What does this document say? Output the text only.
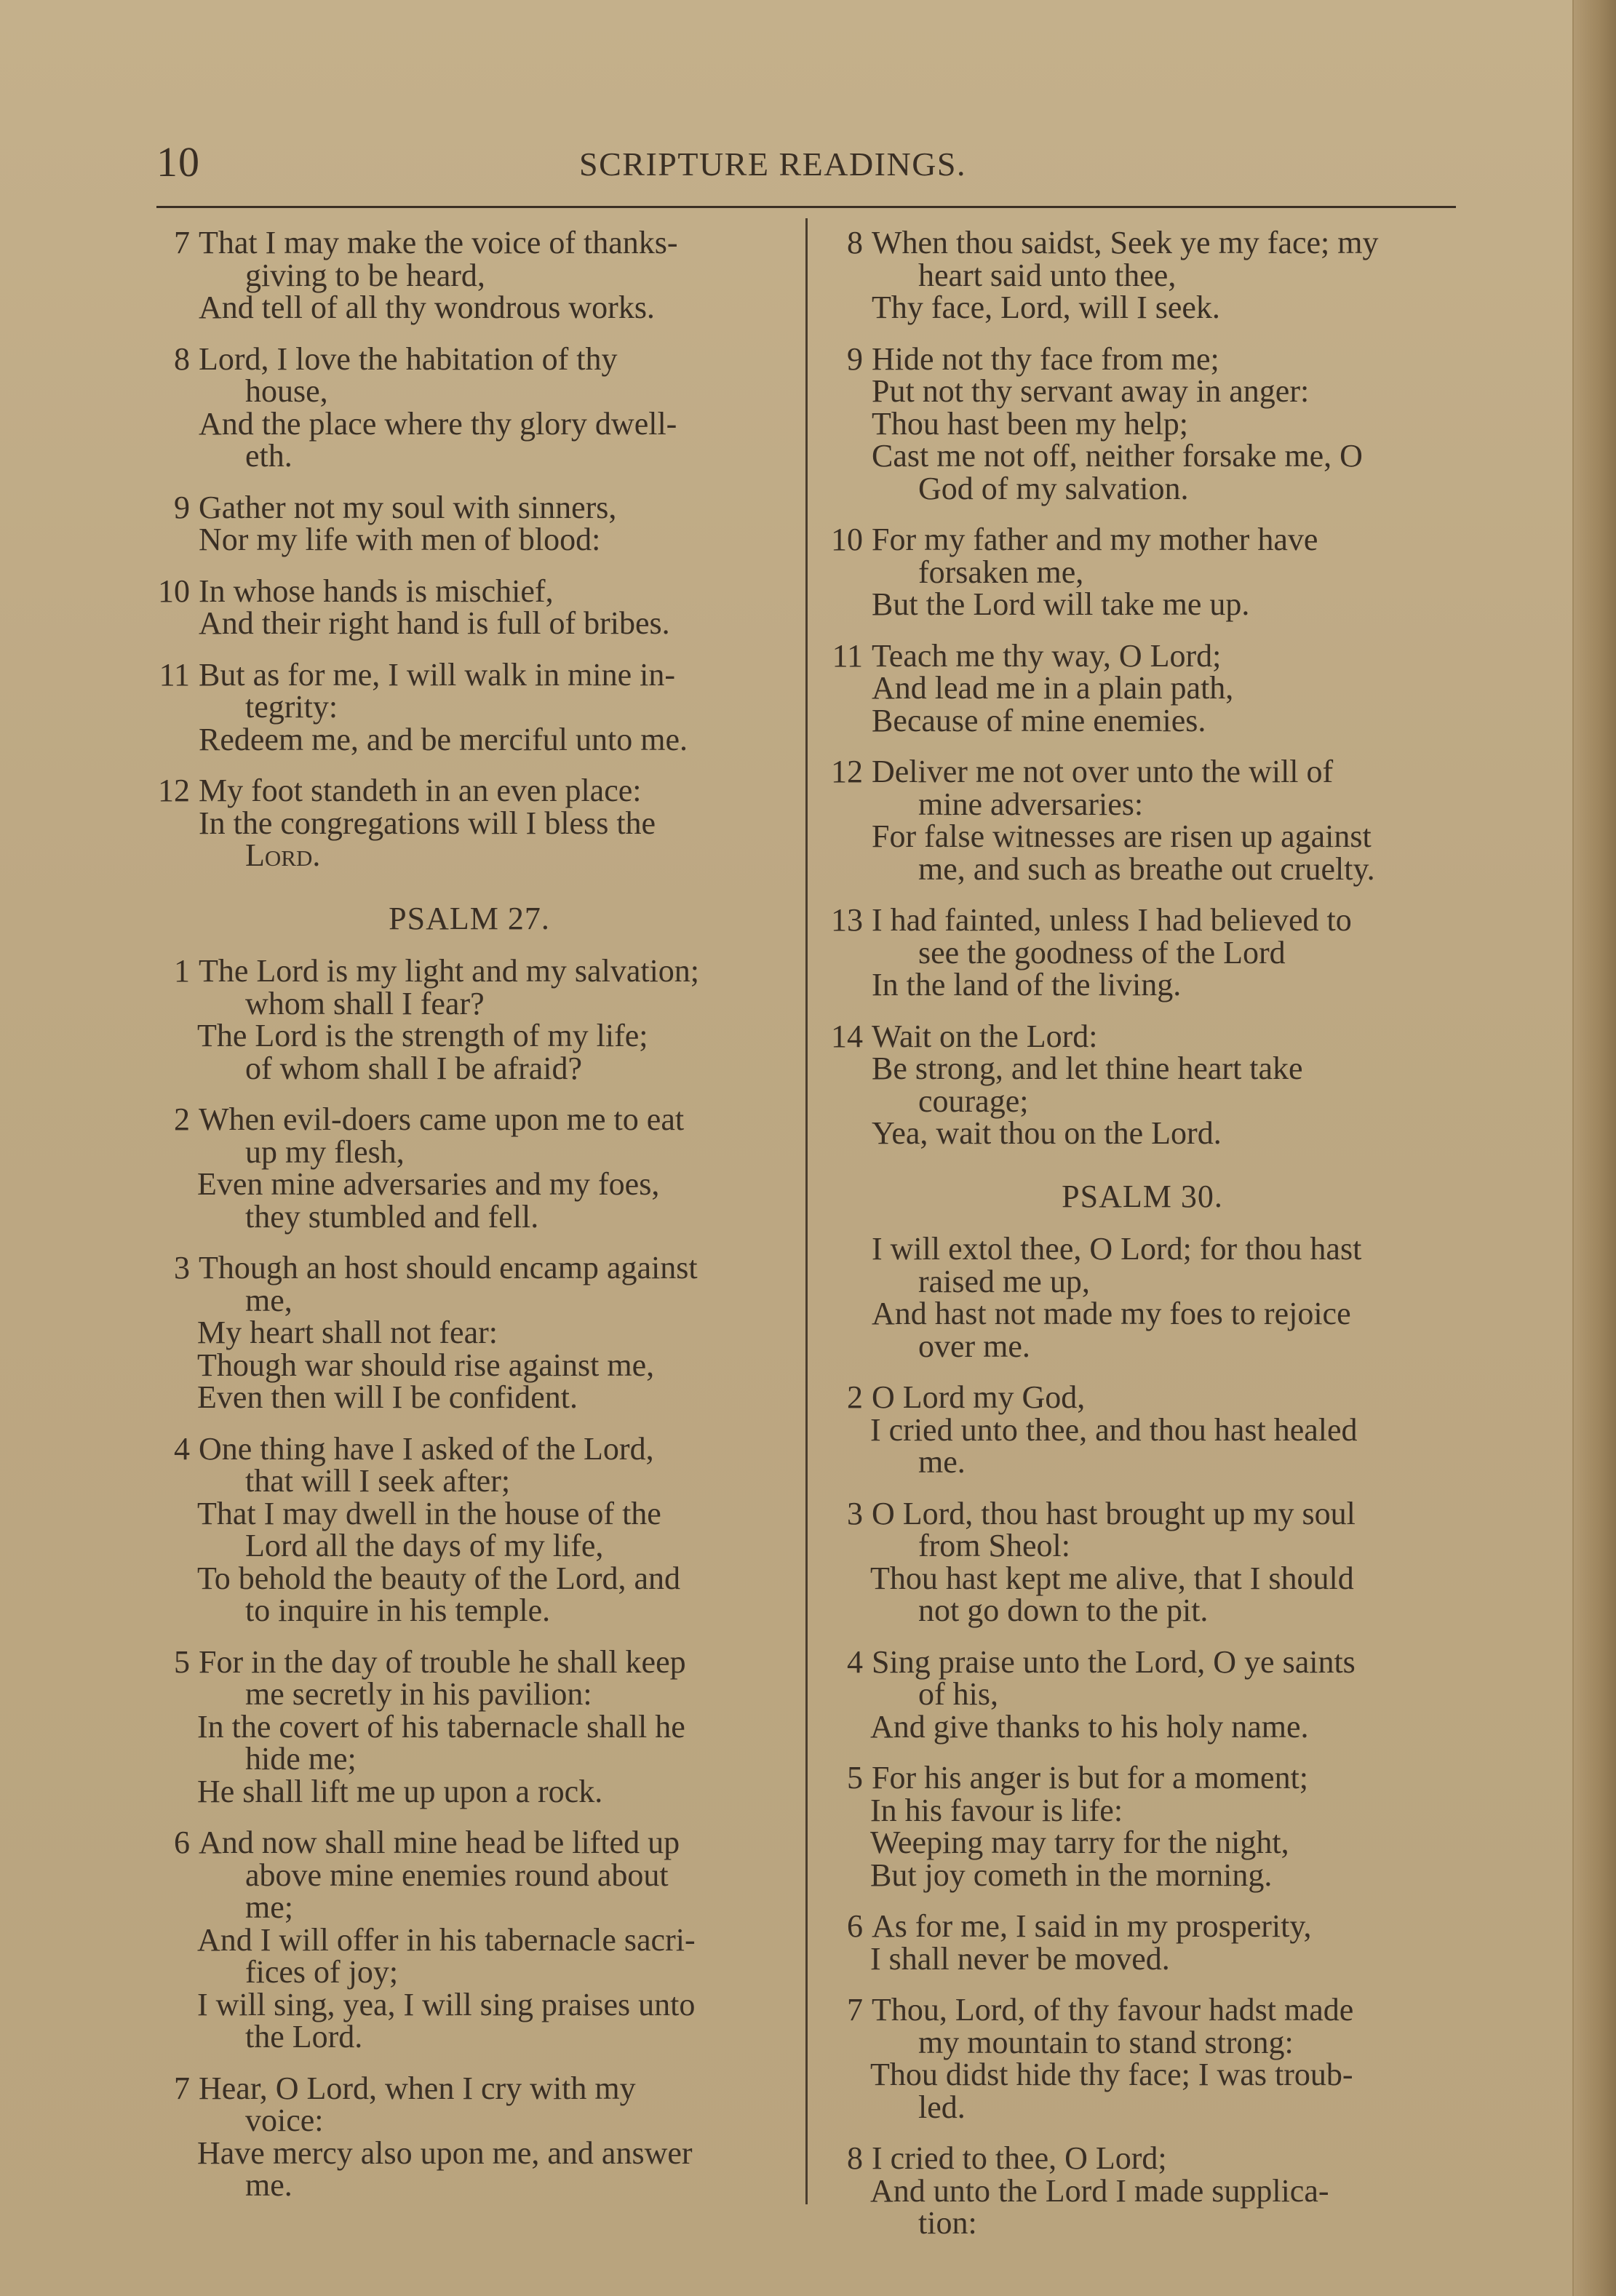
10	SCRIPTURE READINGS.
7 That I may make the voice of thanks-
giving to be heard,
And tell of all thy wondrous works.
8 Lord, I love the habitation of thy
house,
And the place where thy glory dwell-
eth.
9 Gather not my soul with sinners,
Nor my life with men of blood:
10 In whose hands is mischief,
And their right hand is full of bribes.
11 But as for me, I will walk in mine in-
tegrity:
Redeem me, and be merciful unto me.
12 My foot standeth in an even place:
In the congregations will I bless the
Lord.
PSALM 27.
1 The Lord is my light and my salvation;
whom shall I fear?
The Lord is the strength of my life;
of whom shall I be afraid?
2 When evil-doers came upon me to eat
up my flesh,
Even mine adversaries and my foes,
they stumbled and fell.
3 Though an host should encamp against
me,
My heart shall not fear:
Though war should rise against me,
Even then will I be confident.
4 One thing have I asked of the Lord,
that will I seek after;
That I may dwell in the house of the
Lord all the days of my life,
To behold the beauty of the Lord, and
to inquire in his temple.
5 For in the day of trouble he shall keep
me secretly in his pavilion:
In the covert of his tabernacle shall he
hide me;
He shall lift me up upon a rock.
6 And now shall mine head be lifted up
above mine enemies round about
me;
And I will offer in his tabernacle sacri-
fices of joy;
I will sing, yea, I will sing praises unto
the Lord.
7 Hear, O Lord, when I cry with my
voice:
Have mercy also upon me, and answer
me.
8 When thou saidst, Seek ye my face; my
heart said unto thee,
Thy face, Lord, will I seek.
9 Hide not thy face from me;
Put not thy servant away in anger:
Thou hast been my help;
Cast me not off, neither forsake me, O
God of my salvation.
10 For my father and my mother have
forsaken me,
But the Lord will take me up.
11 Teach me thy way, O Lord;
And lead me in a plain path,
Because of mine enemies.
12 Deliver me not over unto the will of
mine adversaries:
For false witnesses are risen up against
me, and such as breathe out cruelty.
13 I had fainted, unless I had believed to
see the goodness of the Lord
In the land of the living.
14 Wait on the Lord:
Be strong, and let thine heart take
courage;
Yea, wait thou on the Lord.
PSALM 30.
I will extol thee, O Lord; for thou hast
raised me up,
And hast not made my foes to rejoice
over me.
2 O Lord my God,
I cried unto thee, and thou hast healed
me.
3 O Lord, thou hast brought up my soul
from Sheol:
Thou hast kept me alive, that I should
not go down to the pit.
4 Sing praise unto the Lord, O ye saints
of his,
And give thanks to his holy name.
5 For his anger is but for a moment;
In his favour is life:
Weeping may tarry for the night,
But joy cometh in the morning.
6 As for me, I said in my prosperity,
I shall never be moved.
7 Thou, Lord, of thy favour hadst made
my mountain to stand strong:
Thou didst hide thy face; I was troub-
led.
8 I cried to thee, O Lord;
And unto the Lord I made supplica-
tion:
